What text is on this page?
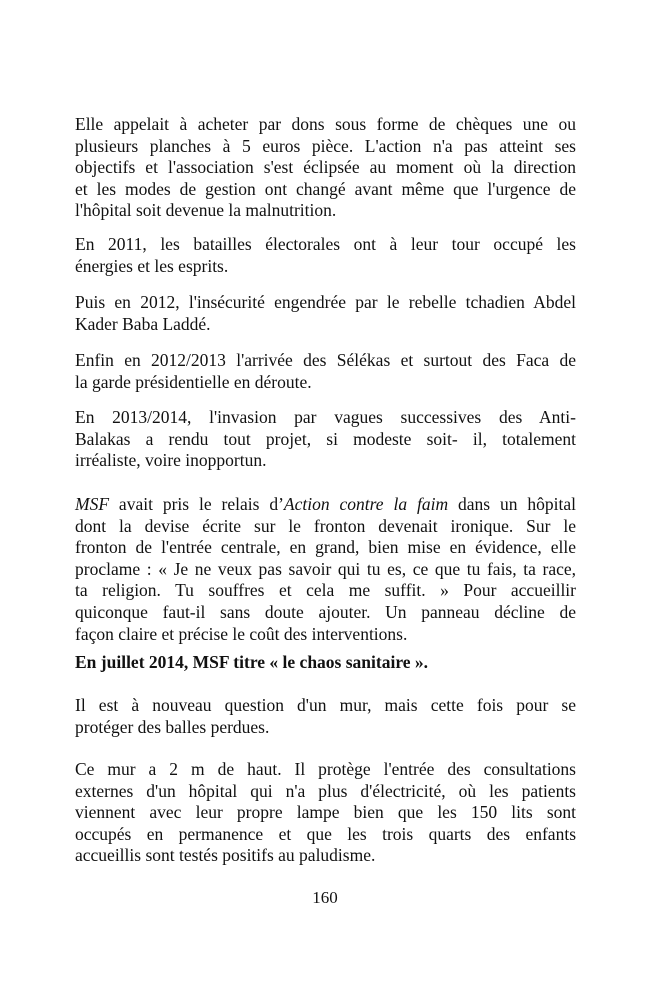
Elle appelait à acheter par dons sous forme de chèques une ou
plusieurs planches à 5 euros pièce. L'action n'a pas atteint ses
objectifs et l'association s'est éclipsée au moment où la direction
et les modes de gestion ont changé avant même que l'urgence de
l'hôpital soit devenue la malnutrition.
En 2011, les batailles électorales ont à leur tour occupé les
énergies et les esprits.
Puis en 2012, l'insécurité engendrée par le rebelle tchadien Abdel
Kader Baba Laddé.
Enfin en 2012/2013 l'arrivée des Sélékas et surtout des Faca de
la garde présidentielle en déroute.
En 2013/2014, l'invasion par vagues successives des Anti-
Balakas a rendu tout projet, si modeste soit- il, totalement
irréaliste, voire inopportun.
MSF avait pris le relais d’Action contre la faim dans un hôpital
dont la devise écrite sur le fronton devenait ironique. Sur le
fronton de l'entrée centrale, en grand, bien mise en évidence, elle
proclame : « Je ne veux pas savoir qui tu es, ce que tu fais, ta race,
ta religion. Tu souffres et cela me suffit. » Pour accueillir
quiconque faut-il sans doute ajouter. Un panneau décline de
façon claire et précise le coût des interventions.
En juillet 2014, MSF titre « le chaos sanitaire ».
Il est à nouveau question d'un mur, mais cette fois pour se
protéger des balles perdues.
Ce mur a 2 m de haut. Il protège l'entrée des consultations
externes d'un hôpital qui n'a plus d'électricité, où les patients
viennent avec leur propre lampe bien que les 150 lits sont
occupés en permanence et que les trois quarts des enfants
accueillis sont testés positifs au paludisme.
160
